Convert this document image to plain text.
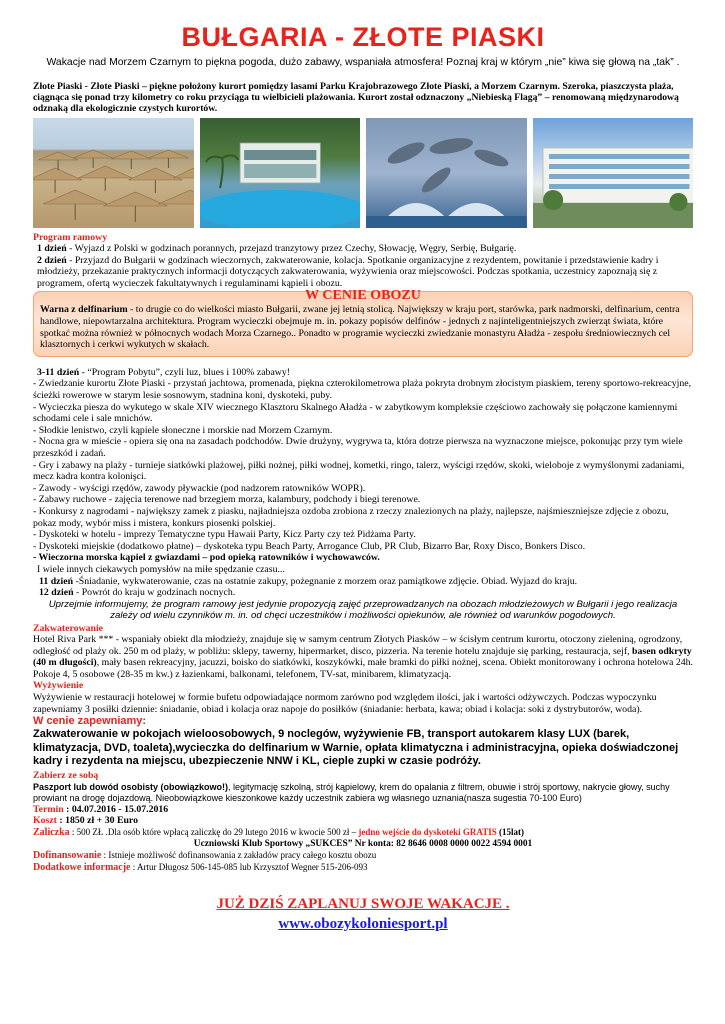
BUŁGARIA - ZŁOTE PIASKI
Wakacje nad Morzem Czarnym to piękna pogoda, dużo zabawy, wspaniała atmosfera! Poznaj kraj w którym „nie” kiwa się głową na „tak” .
Złote Piaski - Złote Piaski – piękne położony kurort pomiędzy lasami Parku Krajobrazowego Złote Piaski, a Morzem Czarnym. Szeroka, piaszczysta plaża, ciągnąca się ponad trzy kilometry co roku przyciąga tu wielbicieli plażowania. Kurort został odznaczony „Niebieską Flagą” – renomowaną międzynarodową odznaką dla ekologicznie czystych kurortów.
Program ramowy
1 dzień - Wyjazd z Polski w godzinach porannych, przejazd tranzytowy przez Czechy, Słowację, Węgry, Serbię, Bułgarię.
2 dzień - Przyjazd do Bułgarii w godzinach wieczornych, zakwaterowanie, kolacja. Spotkanie organizacyjne z rezydentem, powitanie i przedstawienie kadry i młodzieży, przekazanie praktycznych informacji dotyczących zakwaterowania, wyżywienia oraz miejscowości. Podczas spotkania, uczestnicy zapoznają się z programem, ofertą wycieczek fakultatywnych i regulaminami kąpieli i obozu.
W CENIE OBOZU
Warna z delfinarium - to drugie co do wielkości miasto Bułgarii, zwane jej letnią stolicą. Największy w kraju port, starówka, park nadmorski, delfinarium, centra handlowe, niepowtarzalna architektura. Program wycieczki obejmuje m. in. pokazy popisów delfinów - jednych z najinteligentniejszych zwierząt świata, które spotkać można również w północnych wodach Morza Czarnego.. Ponadto w programie wycieczki zwiedzanie monastyru Aładża - zespołu średniowiecznych cel klasztornych i cerkwi wykutych w skałach.
3-11 dzień - “Program Pobytu”, czyli luz, blues i 100% zabawy!
- Zwiedzanie kurortu Złote Piaski - przystań jachtowa, promenada, piękna czterokilometrowa plaża pokryta drobnym złocistym piaskiem, tereny sportowo-rekreacyjne, ścieżki rowerowe w starym lesie sosnowym, stadnina koni, dyskoteki, puby.
- Wycieczka piesza do wykutego w skale XIV wiecznego Klasztoru Skalnego Aładża - w zabytkowym kompleksie częściowo zachowały się połączone kamiennymi schodami cele i sale mnichów.
- Słodkie lenistwo, czyli kąpiele słoneczne i morskie nad Morzem Czarnym.
- Nocna gra w mieście - opiera się ona na zasadach podchodów. Dwie drużyny, wygrywa ta, która dotrze pierwsza na wyznaczone miejsce, pokonując przy tym wiele przeszkód i zadań.
- Gry i zabawy na plaży - turnieje siatkówki plażowej, piłki nożnej, piłki wodnej, kometki, ringo, talerz, wyścigi rzędów, skoki, wieloboje z wymyślonymi zadaniami, mecz kadra kontra kolonişci.
- Zawody - wyścigi rzędów, zawody pływackie (pod nadzorem ratowników WOPR).
- Zabawy ruchowe - zajęcia terenowe nad brzegiem morza, kalambury, podchody i biegi terenowe.
- Konkursy z nagrodami - największy zamek z piasku, najładniejsza ozdoba zrobiona z rzeczy znalezionych na plaży, najlepsze, najśmieszniejsze zdjęcie z obozu, pokaz mody, wybór miss i mistera, konkurs piosenki polskiej.
- Dyskoteki w hotelu - imprezy Tematyczne typu Hawaii Party, Kicz Party czy też Pidżama Party.
- Dyskoteki miejskie (dodatkowo płatne) – dyskoteka typu Beach Party, Arrogance Club, PR Club, Bizarro Bar, Roxy Disco, Bonkers Disco.
- Wieczorna morska kąpiel z gwiazdami – pod opieką ratowników i wychowawców.
I wiele innych ciekawych pomysłów na miłe spędzanie czasu...
11 dzień -Śniadanie, wykwaterowanie, czas na ostatnie zakupy, pożegnanie z morzem oraz pamiątkowe zdjęcie. Obiad. Wyjazd do kraju.
12 dzień - Powrót do kraju w godzinach nocnych.
Uprzejmie informujemy, że program ramowy jest jedynie propozycją zajęć przeprowadzanych na obozach młodzieżowych w Bułgarii i jego realizacja zależy od wielu czynników m. in. od chęci uczestników i możliwości opiekunów, ale również od warunków pogodowych.
Zakwaterowanie
Hotel Riva Park *** - wspaniały obiekt dla młodzieży, znajduje się w samym centrum Złotych Piasków – w ścisłym centrum kurortu, otoczony zieleniną, ogrodzony, odległość od plaży ok. 250 m od plaży, w pobliżu: sklepy, tawerny, hipermarket, disco, pizzeria. Na terenie hotelu znajduje się parking, restauracja, sejf, basen odkryty (40 m długości), mały basen rekreacyjny, jacuzzi, boisko do siatkówki, koszykówki, małe bramki do piłki nożnej, scena. Obiekt monitorowany i ochrona hotelowa 24h. Pokoje 4, 5 osobowe (28-35 m kw.) z łazienkami, balkonami, telefonem, TV-sat, minibarem, klimatyzacją.
Wyżywienie
Wyżywienie w restauracji hotelowej w formie bufetu odpowiadające normom zarówno pod względem ilości, jak i wartości odżywczych. Podczas wypoczynku zapewniamy 3 posiłki dziennie: śniadanie, obiad i kolacja oraz napoje do posiłków (śniadanie: herbata, kawa; obiad i kolacja: soki z dystrybutorów, woda).
W cenie zapewniamy:
Zakwaterowanie w pokojach wieloosobowych, 9 noclegów, wyżywienie FB, transport autokarem klasy LUX (barek, klimatyzacja, DVD, toaleta),wycieczka do delfinarium w Warnie, opłata klimatyczna i administracyjna, opieka doświadczonej kadry i rezydenta na miejscu, ubezpieczenie NNW i KL, cieple zupki w czasie podróży.
Zabierz ze sobą
Paszport lub dowód osobisty (obowiązkowo!), legitymację szkolną, strój kąpielowy, krem do opalania z filtrem, obuwie i strój sportowy, nakrycie głowy, suchy prowiant na drogę dojazdową. Nieobowiązkowe kieszonkowe każdy uczestnik zabiera wg własnego uznania(nasza sugestia 70-100 Euro)
Termin : 04.07.2016 - 15.07.2016
Koszt : 1850 zł + 30 Euro
Zaliczka : 500 ZŁ .Dla osób które wpłacą zaliczkę do 29 lutego 2016 w kwocie 500 zł – jedno wejście do dyskoteki GRATIS (15lat)
Uczniowski Klub Sportowy „SUKCES” Nr konta: 82 8646 0008 0000 0022 4594 0001
Dofinansowanie : Istnieje możliwość dofinansowania z zakładów pracy całego kosztu obozu
Dodatkowe informacje : Artur Długosz 506-145-085 lub Krzysztof Wegner 515-206-093
JUŻ DZIŚ ZAPLANUJ SWOJE WAKACJE .
www.obozykoloniesport.pl
